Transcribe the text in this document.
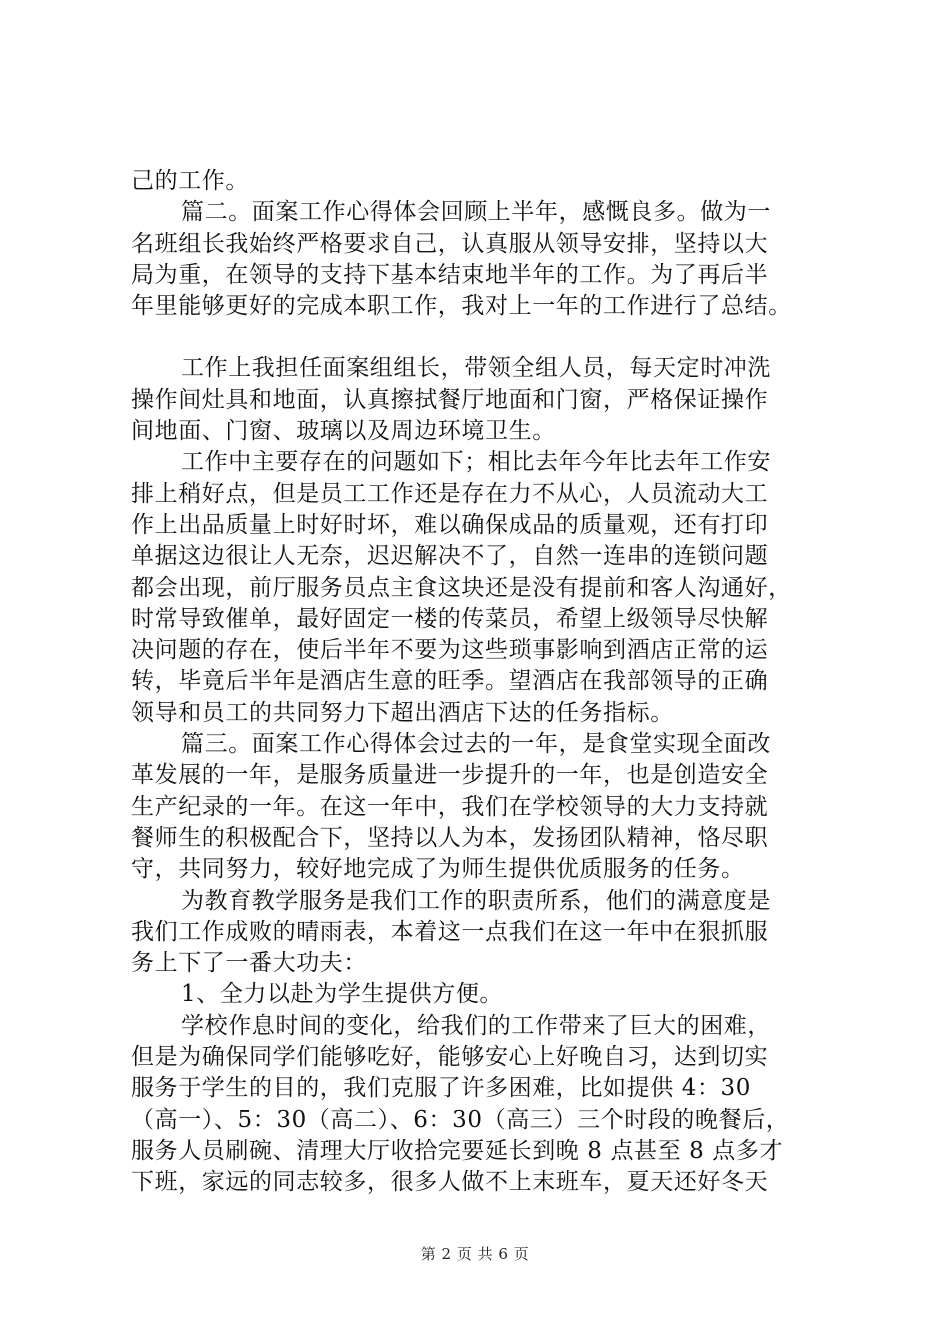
己的工作。
篇二。面案工作心得体会回顾上半年，感慨良多。做为一
名班组长我始终严格要求自己，认真服从领导安排，坚持以大
局为重，在领导的支持下基本结束地半年的工作。为了再后半
年里能够更好的完成本职工作，我对上一年的工作进行了总结。
工作上我担任面案组组长，带领全组人员，每天定时冲洗
操作间灶具和地面，认真擦拭餐厅地面和门窗，严格保证操作
间地面、门窗、玻璃以及周边环境卫生。
工作中主要存在的问题如下；相比去年今年比去年工作安
排上稍好点，但是员工工作还是存在力不从心，人员流动大工
作上出品质量上时好时坏，难以确保成品的质量观，还有打印
单据这边很让人无奈，迟迟解决不了，自然一连串的连锁问题
都会出现，前厅服务员点主食这块还是没有提前和客人沟通好，
时常导致催单，最好固定一楼的传菜员，希望上级领导尽快解
决问题的存在，使后半年不要为这些琐事影响到酒店正常的运
转，毕竟后半年是酒店生意的旺季。望酒店在我部领导的正确
领导和员工的共同努力下超出酒店下达的任务指标。
篇三。面案工作心得体会过去的一年，是食堂实现全面改
革发展的一年，是服务质量进一步提升的一年，也是创造安全
生产纪录的一年。在这一年中，我们在学校领导的大力支持就
餐师生的积极配合下，坚持以人为本，发扬团队精神，恪尽职
守，共同努力，较好地完成了为师生提供优质服务的任务。
为教育教学服务是我们工作的职责所系，他们的满意度是
我们工作成败的晴雨表，本着这一点我们在这一年中在狠抓服
务上下了一番大功夫：
1、全力以赴为学生提供方便。
学校作息时间的变化，给我们的工作带来了巨大的困难，
但是为确保同学们能够吃好，能够安心上好晚自习，达到切实
服务于学生的目的，我们克服了许多困难，比如提供 4：30
（高一）、5：30（高二）、6：30（高三）三个时段的晚餐后，
服务人员刷碗、清理大厅收拾完要延长到晚 8 点甚至 8 点多才
下班，家远的同志较多，很多人做不上末班车，夏天还好冬天
第 2 页 共 6 页
